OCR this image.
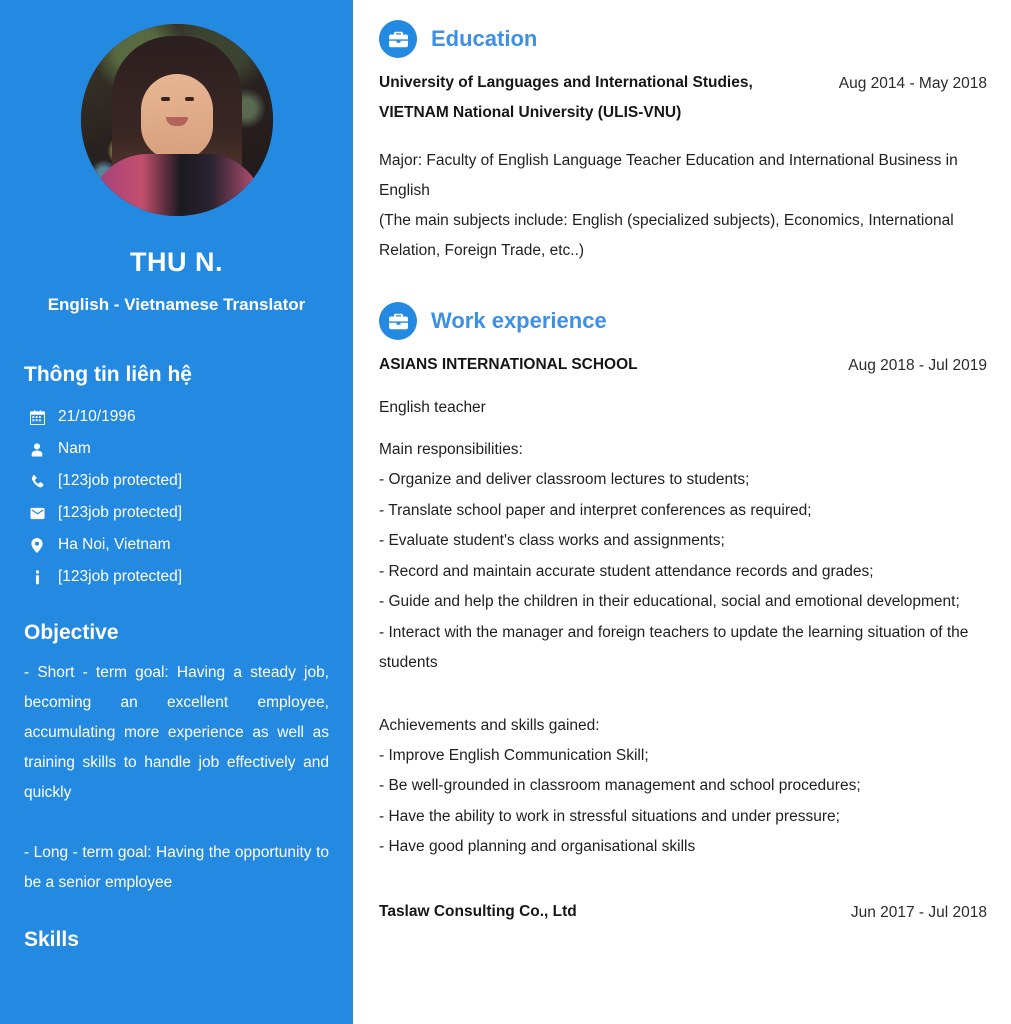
THU N.
English - Vietnamese Translator
Thông tin liên hệ
21/10/1996
Nam
[123job protected]
[123job protected]
Ha Noi, Vietnam
[123job protected]
Objective

- Short - term goal: Having a steady job, becoming an excellent employee, accumulating more experience as well as training skills to handle job effectively and quickly

- Long - term goal: Having the opportunity to be a senior employee

Skills
Education
University of Languages and International Studies, VIETNAM National University (ULIS-VNU)
Aug 2014 - May 2018
Major: Faculty of English Language Teacher Education and International Business in English
(The main subjects include: English (specialized subjects), Economics, International Relation, Foreign Trade, etc..)
Work experience
ASIANS INTERNATIONAL SCHOOL	Aug 2018 - Jul 2019
English teacher
Main responsibilities:
- Organize and deliver classroom lectures to students;
- Translate school paper and interpret conferences as required;
- Evaluate student's class works and assignments;
- Record and maintain accurate student attendance records and grades;
- Guide and help the children in their educational, social and emotional development;
- Interact with the manager and foreign teachers to update the learning situation of the students
Achievements and skills gained:
- Improve English Communication Skill;
- Be well-grounded in classroom management and school procedures;
- Have the ability to work in stressful situations and under pressure;
- Have good planning and organisational skills
Taslaw Consulting Co., Ltd	Jun 2017 - Jul 2018
